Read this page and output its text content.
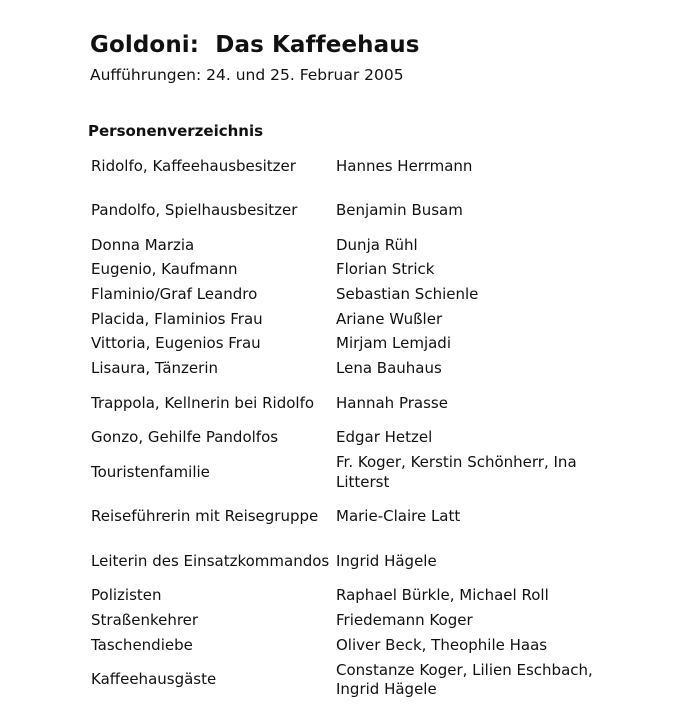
Goldoni:  Das Kaffeehaus

Aufführungen: 24. und 25. Februar 2005

Personenverzeichnis
Ridolfo, Kaffeehausbesitzer	Hannes Herrmann
Pandolfo, Spielhausbesitzer	Benjamin Busam
Donna Marzia	Dunja Rühl
Eugenio, Kaufmann	Florian Strick
Flaminio/Graf Leandro	Sebastian Schienle
Placida, Flaminios Frau	Ariane Wußler
Vittoria, Eugenios Frau	Mirjam Lemjadi
Lisaura, Tänzerin	Lena Bauhaus
Trappola, Kellnerin bei Ridolfo	Hannah Prasse
Gonzo, Gehilfe Pandolfos	Edgar Hetzel
Touristenfamilie	Fr. Koger, Kerstin Schönherr, Ina Litterst
Reiseführerin mit Reisegruppe	Marie-Claire Latt
Leiterin des Einsatzkommandos	Ingrid Hägele
Polizisten	Raphael Bürkle, Michael Roll
Straßenkehrer	Friedemann Koger
Taschendiebe	Oliver Beck, Theophile Haas
Kaffeehausgäste	Constanze Koger, Lilien Eschbach, Ingrid Hägele
